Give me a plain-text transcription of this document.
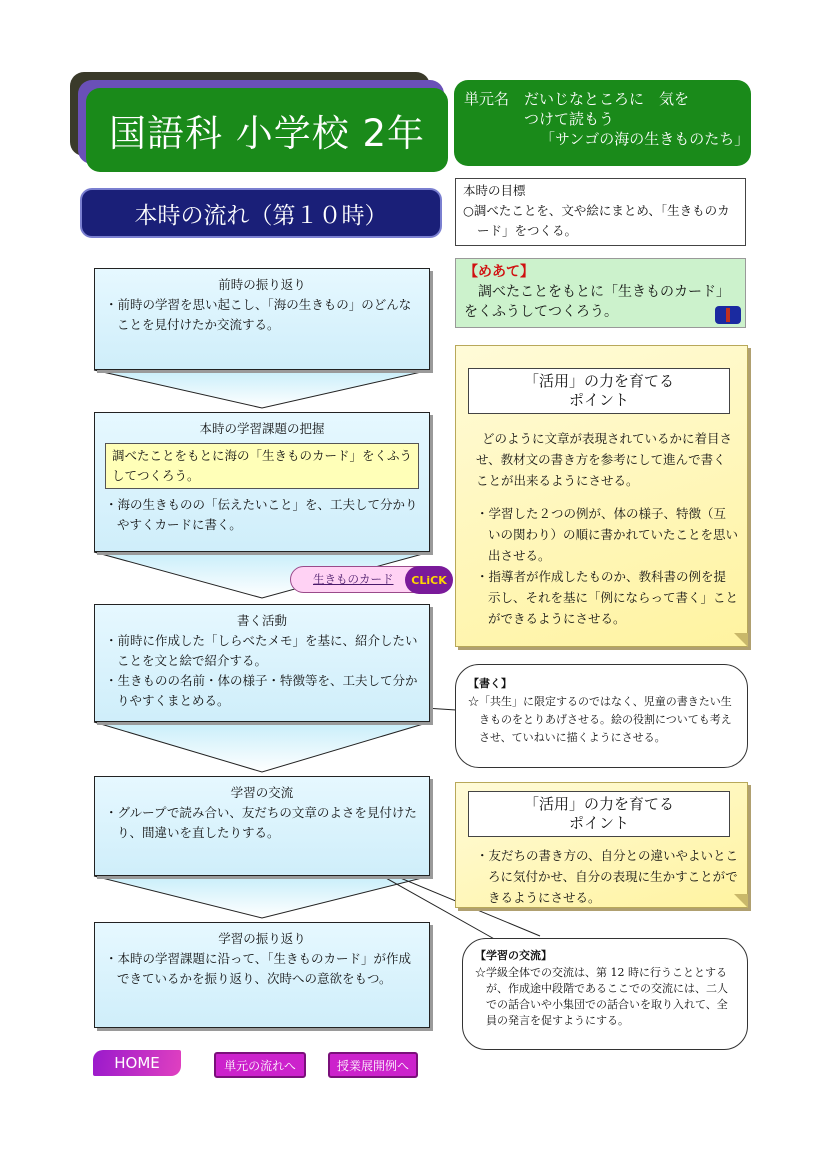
国語科 小学校 2年
単元名　だいじなところに　気を
つけて読もう
「サンゴの海の生きものたち」
本時の流れ（第１０時）
本時の目標
○調べたことを、文や絵にまとめ、「生きものカード」をつくる。
【めあて】
調べたことをもとに「生きものカード」をくふうしてつくろう。
前時の振り返り
・前時の学習を思い起こし、「海の生きもの」のどんなことを見付けたか交流する。
本時の学習課題の把握
調べたことをもとに海の「生きものカード」をくふうしてつくろう。
・海の生きものの「伝えたいこと」を、工夫して分かりやすくカードに書く。
書く活動
・前時に作成した「しらべたメモ」を基に、紹介したいことを文と絵で紹介する。
・生きものの名前・体の様子・特徴等を、工夫して分かりやすくまとめる。
学習の交流
・グループで読み合い、友だちの文章のよさを見付けたり、間違いを直したりする。
学習の振り返り
・本時の学習課題に沿って、「生きものカード」が作成できているかを振り返り、次時への意欲をもつ。
生きものカード	CLiCK
「活用」の力を育てる
ポイント
どのように文章が表現されているかに着目させ、教材文の書き方を参考にして進んで書くことが出来るようにさせる。
・学習した２つの例が、体の様子、特徴（互いの関わり）の順に書かれていたことを思い出させる。
・指導者が作成したものか、教科書の例を提示し、それを基に「例にならって書く」ことができるようにさせる。
【書く】
☆「共生」に限定するのではなく、児童の書きたい生きものをとりあげさせる。絵の役割についても考えさせ、ていねいに描くようにさせる。
「活用」の力を育てる
ポイント
・友だちの書き方の、自分との違いやよいところに気付かせ、自分の表現に生かすことができるようにさせる。
【学習の交流】
☆学級全体での交流は、第 12 時に行うこととするが、作成途中段階であるここでの交流には、二人での話合いや小集団での話合いを取り入れて、全員の発言を促すようにする。
HOME	単元の流れへ	授業展開例へ
